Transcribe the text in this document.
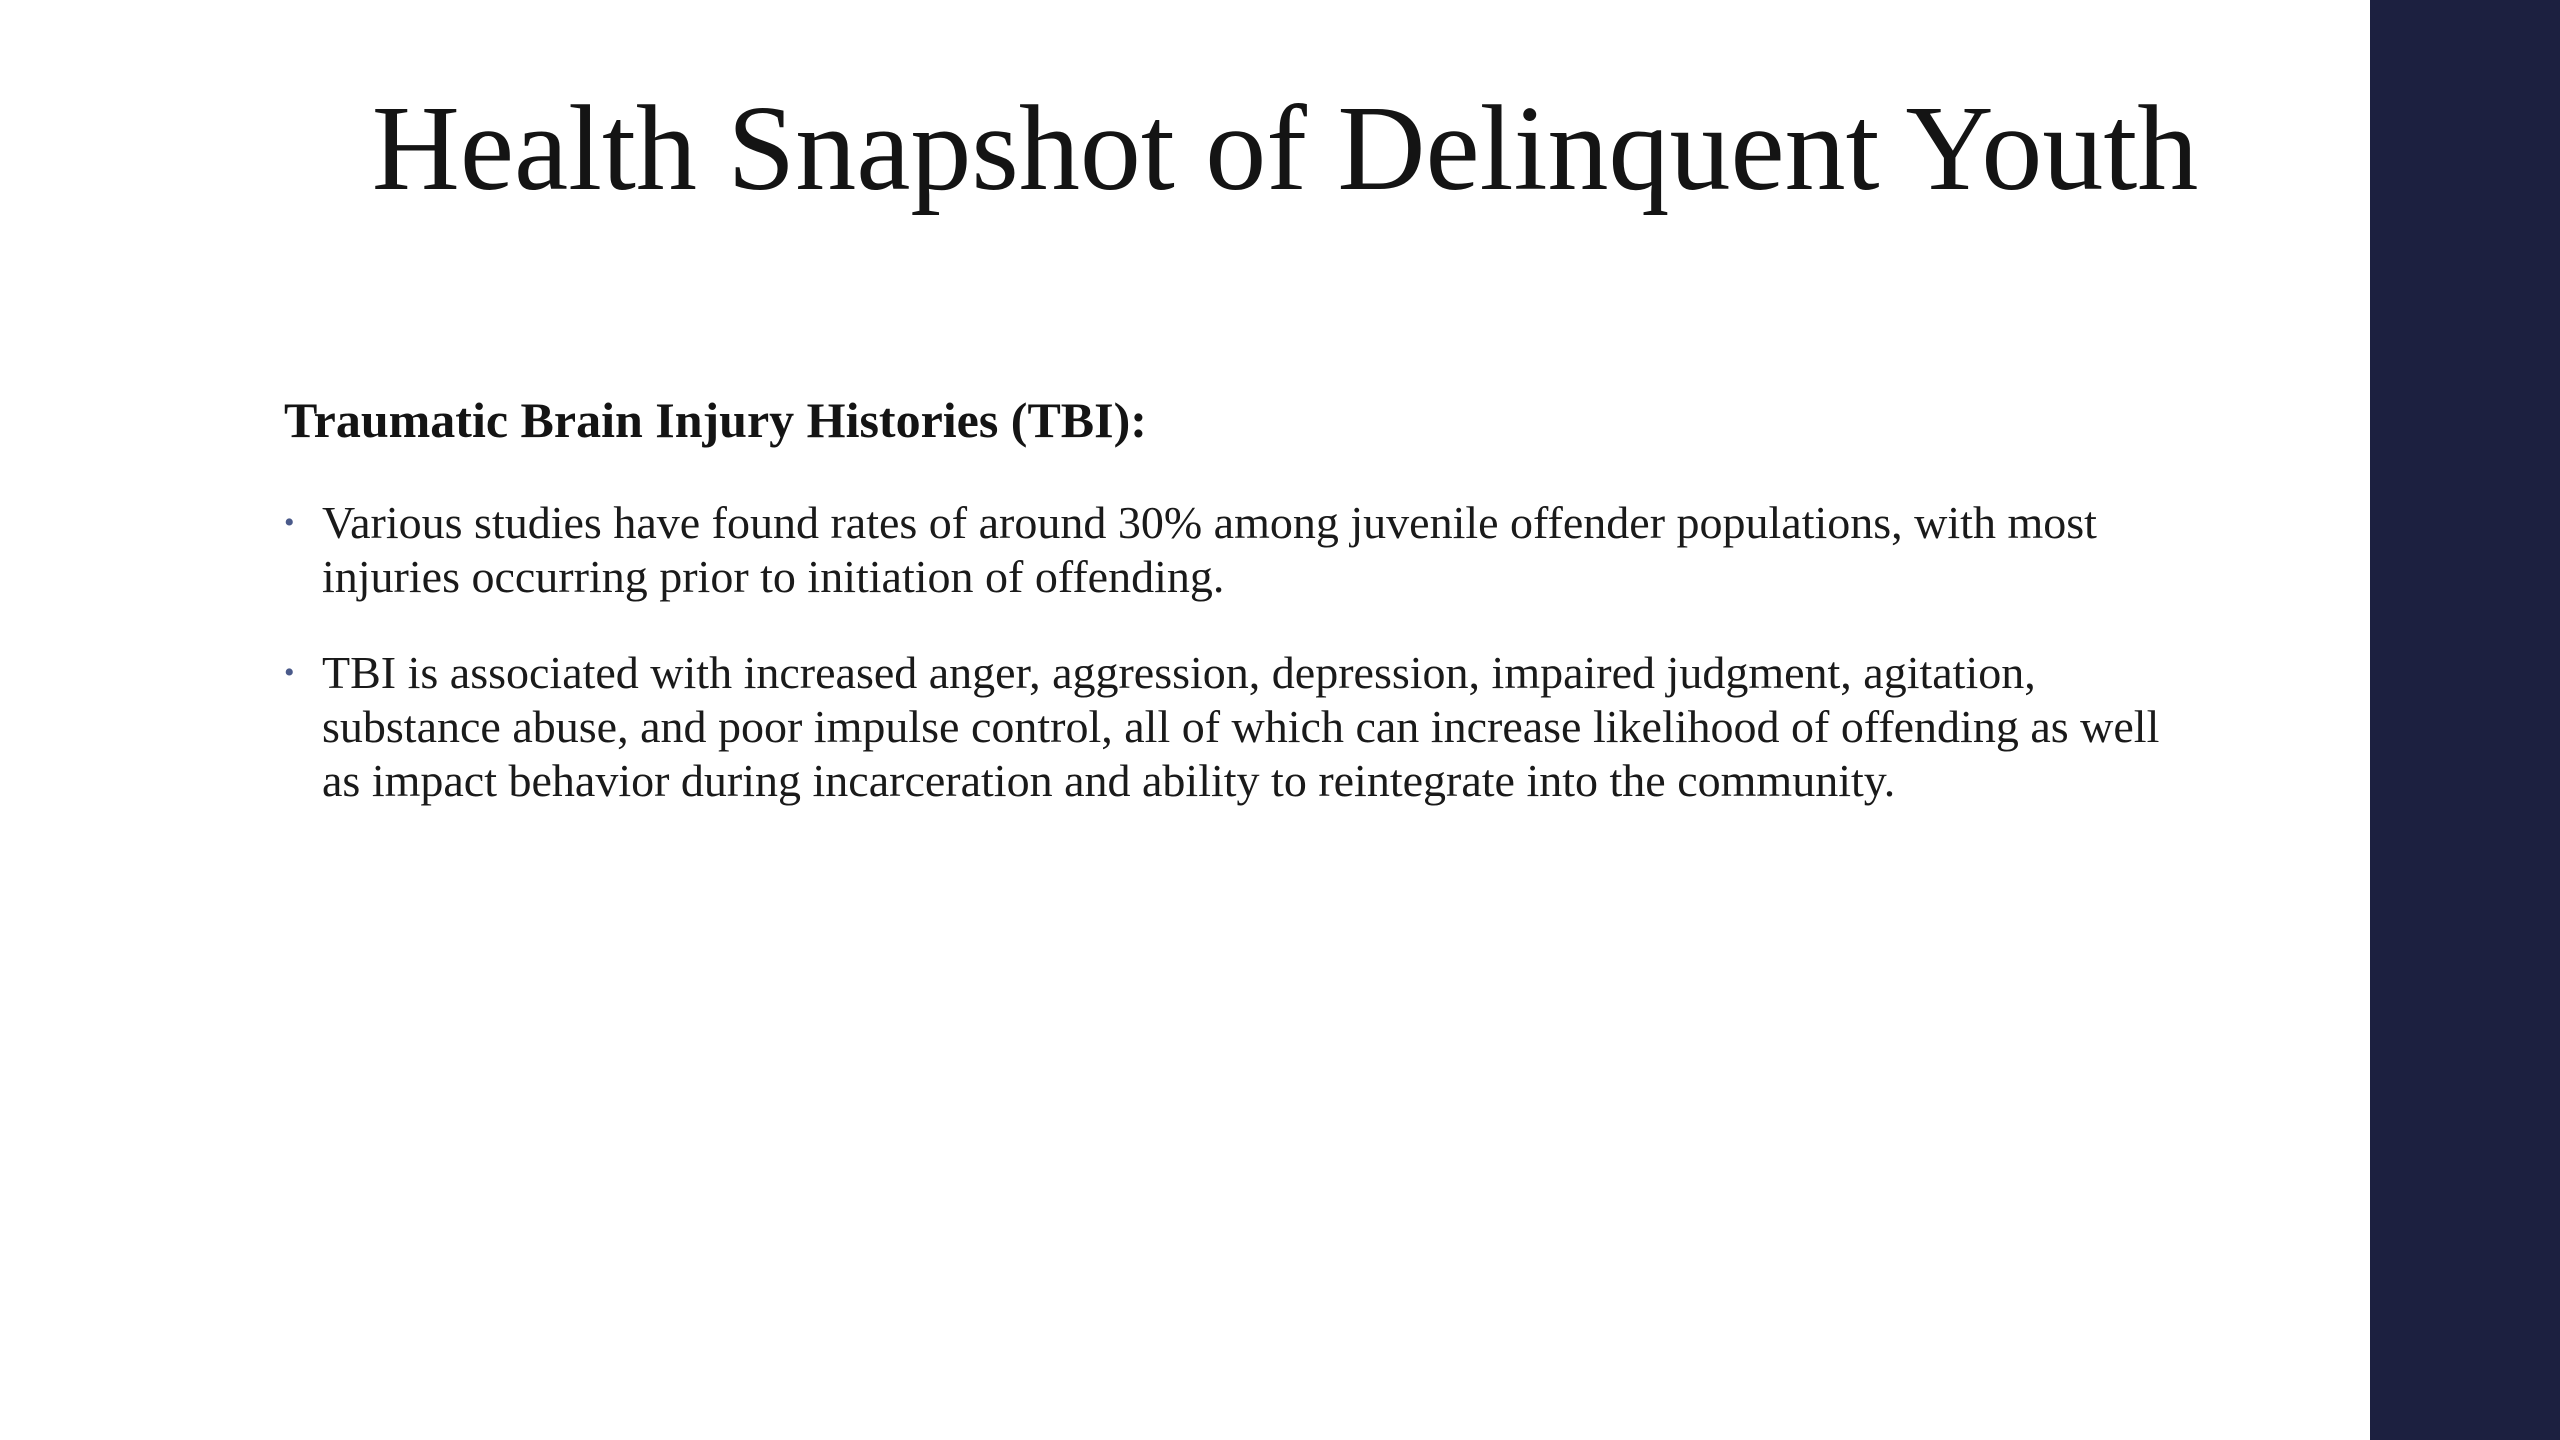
Health Snapshot of Delinquent Youth

Traumatic Brain Injury Histories (TBI):

• Various studies have found rates of around 30% among juvenile offender populations, with most injuries occurring prior to initiation of offending.
• TBI is associated with increased anger, aggression, depression, impaired judgment, agitation, substance abuse, and poor impulse control, all of which can increase likelihood of offending as well as impact behavior during incarceration and ability to reintegrate into the community.
